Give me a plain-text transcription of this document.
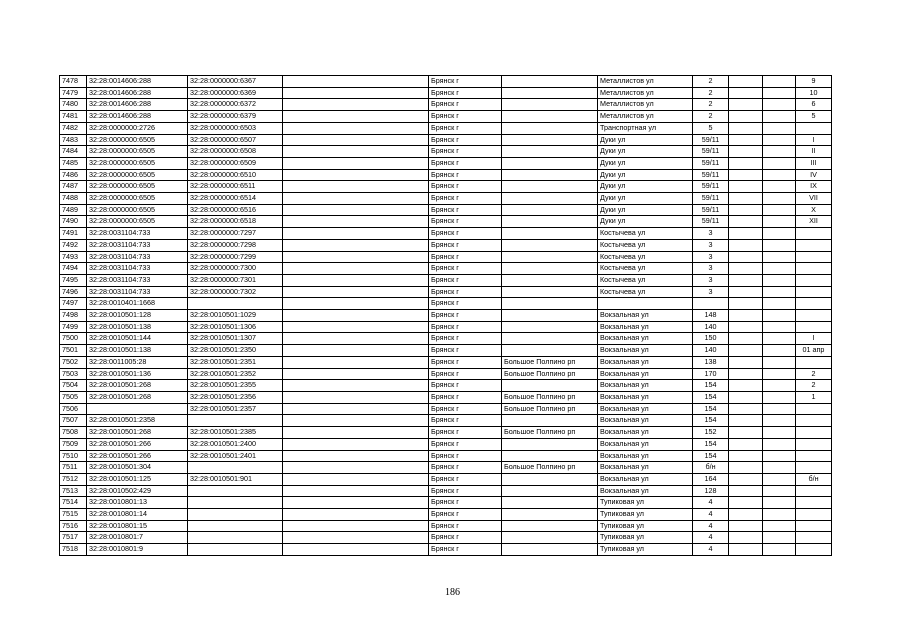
7478	32:28:0014606:288	32:28:0000000:6367		Брянск г		Металлистов ул	2			9
7479	32:28:0014606:288	32:28:0000000:6369		Брянск г		Металлистов ул	2			10
7480	32:28:0014606:288	32:28:0000000:6372		Брянск г		Металлистов ул	2			6
7481	32:28:0014606:288	32:28:0000000:6379		Брянск г		Металлистов ул	2			5
7482	32:28:0000000:2726	32:28:0000000:6503		Брянск г		Транспортная ул	5			
7483	32:28:0000000:6505	32:28:0000000:6507		Брянск г		Дуки ул	59/11			I
7484	32:28:0000000:6505	32:28:0000000:6508		Брянск г		Дуки ул	59/11			II
7485	32:28:0000000:6505	32:28:0000000:6509		Брянск г		Дуки ул	59/11			III
7486	32:28:0000000:6505	32:28:0000000:6510		Брянск г		Дуки ул	59/11			IV
7487	32:28:0000000:6505	32:28:0000000:6511		Брянск г		Дуки ул	59/11			IX
7488	32:28:0000000:6505	32:28:0000000:6514		Брянск г		Дуки ул	59/11			VII
7489	32:28:0000000:6505	32:28:0000000:6516		Брянск г		Дуки ул	59/11			X
7490	32:28:0000000:6505	32:28:0000000:6518		Брянск г		Дуки ул	59/11			XII
7491	32:28:0031104:733	32:28:0000000:7297		Брянск г		Костычева ул	3			
7492	32:28:0031104:733	32:28:0000000:7298		Брянск г		Костычева ул	3			
7493	32:28:0031104:733	32:28:0000000:7299		Брянск г		Костычева ул	3			
7494	32:28:0031104:733	32:28:0000000:7300		Брянск г		Костычева ул	3			
7495	32:28:0031104:733	32:28:0000000:7301		Брянск г		Костычева ул	3			
7496	32:28:0031104:733	32:28:0000000:7302		Брянск г		Костычева ул	3			
7497	32:28:0010401:1668			Брянск г						
7498	32:28:0010501:128	32:28:0010501:1029		Брянск г		Вокзальная ул	148			
7499	32:28:0010501:138	32:28:0010501:1306		Брянск г		Вокзальная ул	140			
7500	32:28:0010501:144	32:28:0010501:1307		Брянск г		Вокзальная ул	150			I
7501	32:28:0010501:138	32:28:0010501:2350		Брянск г		Вокзальная ул	140			01 апр
7502	32:28:0011005:28	32:28:0010501:2351		Брянск г	Большое Полпино рп	Вокзальная ул	138			
7503	32:28:0010501:136	32:28:0010501:2352		Брянск г	Большое Полпино рп	Вокзальная ул	170			2
7504	32:28:0010501:268	32:28:0010501:2355		Брянск г		Вокзальная ул	154			2
7505	32:28:0010501:268	32:28:0010501:2356		Брянск г	Большое Полпино рп	Вокзальная ул	154			1
7506		32:28:0010501:2357		Брянск г	Большое Полпино рп	Вокзальная ул	154			
7507	32:28:0010501:2358			Брянск г		Вокзальная ул	154			
7508	32:28:0010501:268	32:28:0010501:2385		Брянск г	Большое Полпино рп	Вокзальная ул	152			
7509	32:28:0010501:266	32:28:0010501:2400		Брянск г		Вокзальная ул	154			
7510	32:28:0010501:266	32:28:0010501:2401		Брянск г		Вокзальная ул	154			
7511	32:28:0010501:304			Брянск г	Большое Полпино рп	Вокзальная ул	б/н			
7512	32:28:0010501:125	32:28:0010501:901		Брянск г		Вокзальная ул	164			б/н
7513	32:28:0010502:429			Брянск г		Вокзальная ул	128			
7514	32:28:0010801:13			Брянск г		Тупиковая ул	4			
7515	32:28:0010801:14			Брянск г		Тупиковая ул	4			
7516	32:28:0010801:15			Брянск г		Тупиковая ул	4			
7517	32:28:0010801:7			Брянск г		Тупиковая ул	4			
7518	32:28:0010801:9			Брянск г		Тупиковая ул	4			
186
